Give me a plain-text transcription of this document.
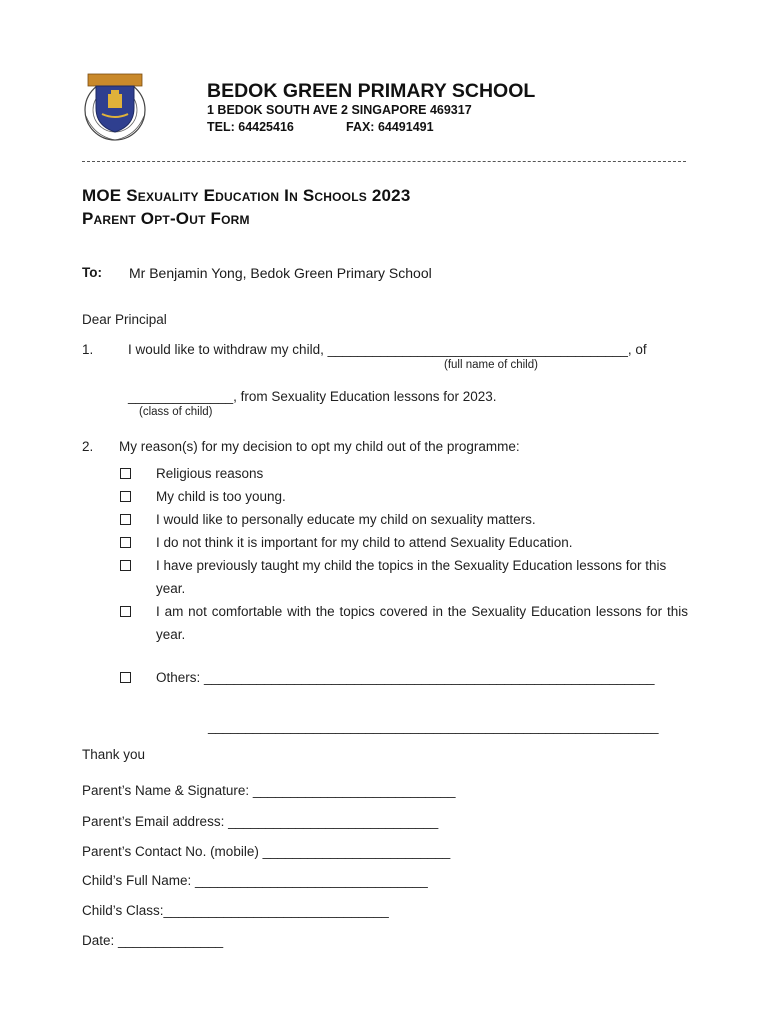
BEDOK GREEN PRIMARY SCHOOL
1 BEDOK SOUTH AVE 2 SINGAPORE 469317
TEL: 64425416	FAX: 64491491
MOE Sexuality Education In Schools 2023
Parent Opt-Out Form
To: Mr Benjamin Yong, Bedok Green Primary School
Dear Principal
1.	I would like to withdraw my child, ________________________________________, of
(full name of child)
______________, from Sexuality Education lessons for 2023.
(class of child)
2. My reason(s) for my decision to opt my child out of the programme:
Religious reasons
My child is too young.
I would like to personally educate my child on sexuality matters.
I do not think it is important for my child to attend Sexuality Education.
I have previously taught my child the topics in the Sexuality Education lessons for this year.
I am not comfortable with the topics covered in the Sexuality Education lessons for this year.
Others: ____________________________________________________________
____________________________________________________________
Thank you
Parent’s Name & Signature: ___________________________
Parent’s Email address: ____________________________
Parent’s Contact No. (mobile) _________________________
Child’s Full Name: _______________________________
Child’s Class:______________________________
Date: ______________
